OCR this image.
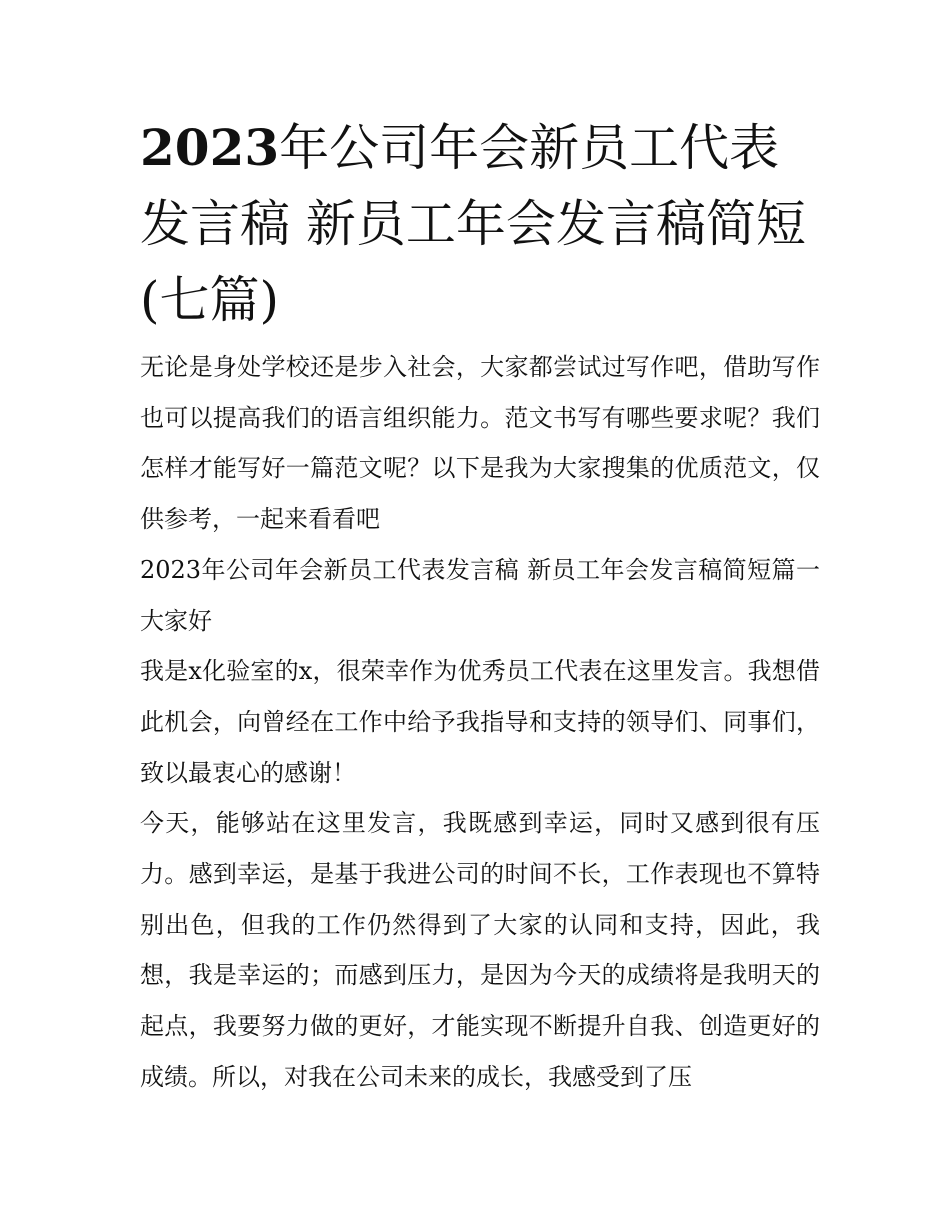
2023年公司年会新员工代表发言稿 新员工年会发言稿简短(七篇)

无论是身处学校还是步入社会，大家都尝试过写作吧，借助写作也可以提高我们的语言组织能力。范文书写有哪些要求呢？我们怎样才能写好一篇范文呢？以下是我为大家搜集的优质范文，仅供参考，一起来看看吧

2023年公司年会新员工代表发言稿 新员工年会发言稿简短篇一 大家好

我是x化验室的x，很荣幸作为优秀员工代表在这里发言。我想借此机会，向曾经在工作中给予我指导和支持的领导们、同事们，致以最衷心的感谢！

今天，能够站在这里发言，我既感到幸运，同时又感到很有压力。感到幸运，是基于我进公司的时间不长，工作表现也不算特别出色，但我的工作仍然得到了大家的认同和支持，因此，我想，我是幸运的；而感到压力，是因为今天的成绩将是我明天的起点，我要努力做的更好，才能实现不断提升自我、创造更好的成绩。所以，对我在公司未来的成长，我感受到了压
